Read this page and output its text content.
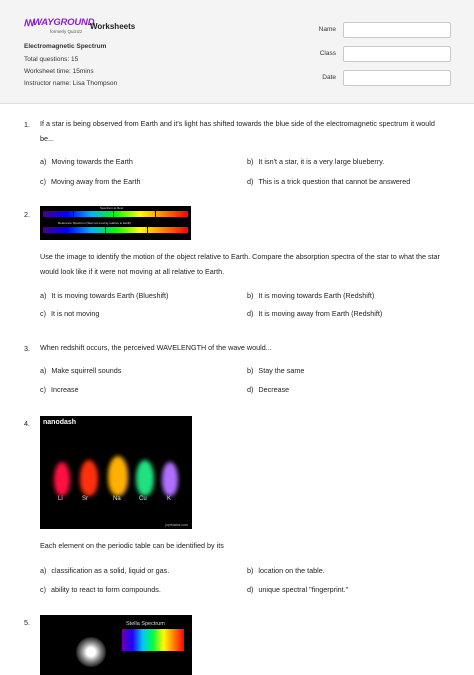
ꟿ
WAYGROUND
formerly Quizizz
Worksheets
Electromagnetic Spectrum
Total questions: 15
Worksheet time: 15mins
Instructor name: Lisa Thompson
Name
Class
Date
1. If a star is being observed from Earth and it's light has shifted towards the blue side of the electromagnetic spectrum it would be...
a) Moving towards the Earth	b) It isn't a star, it is a very large blueberry.
c) Moving away from the Earth	d) This is a trick question that cannot be answered
2.
Spectrum at Rest
Reference Spectrum (Star not moving relative to Earth)
Use the image to identify the motion of the object relative to Earth. Compare the absorption spectra of the star to what the star would look like if it were not moving at all relative to Earth.
a) It is moving towards Earth (Blueshift)	b) It is moving towards Earth (Redshift)
c) It is not moving	d) It is moving away from Earth (Redshift)
3. When redshift occurs, the perceived WAVELENGTH of the wave would...
a) Make squirrell sounds	b) Stay the same
c) Increase	d) Decrease
4. nanodash
Li	Sr	Na	Cu	K
joyreactor.com
Each element on the periodic table can be identified by its
a) classification as a solid, liquid or gas.	b) location on the table.
c) ability to react to form compounds.	d) unique spectral "fingerprint."
5.	Stella Spectrum
